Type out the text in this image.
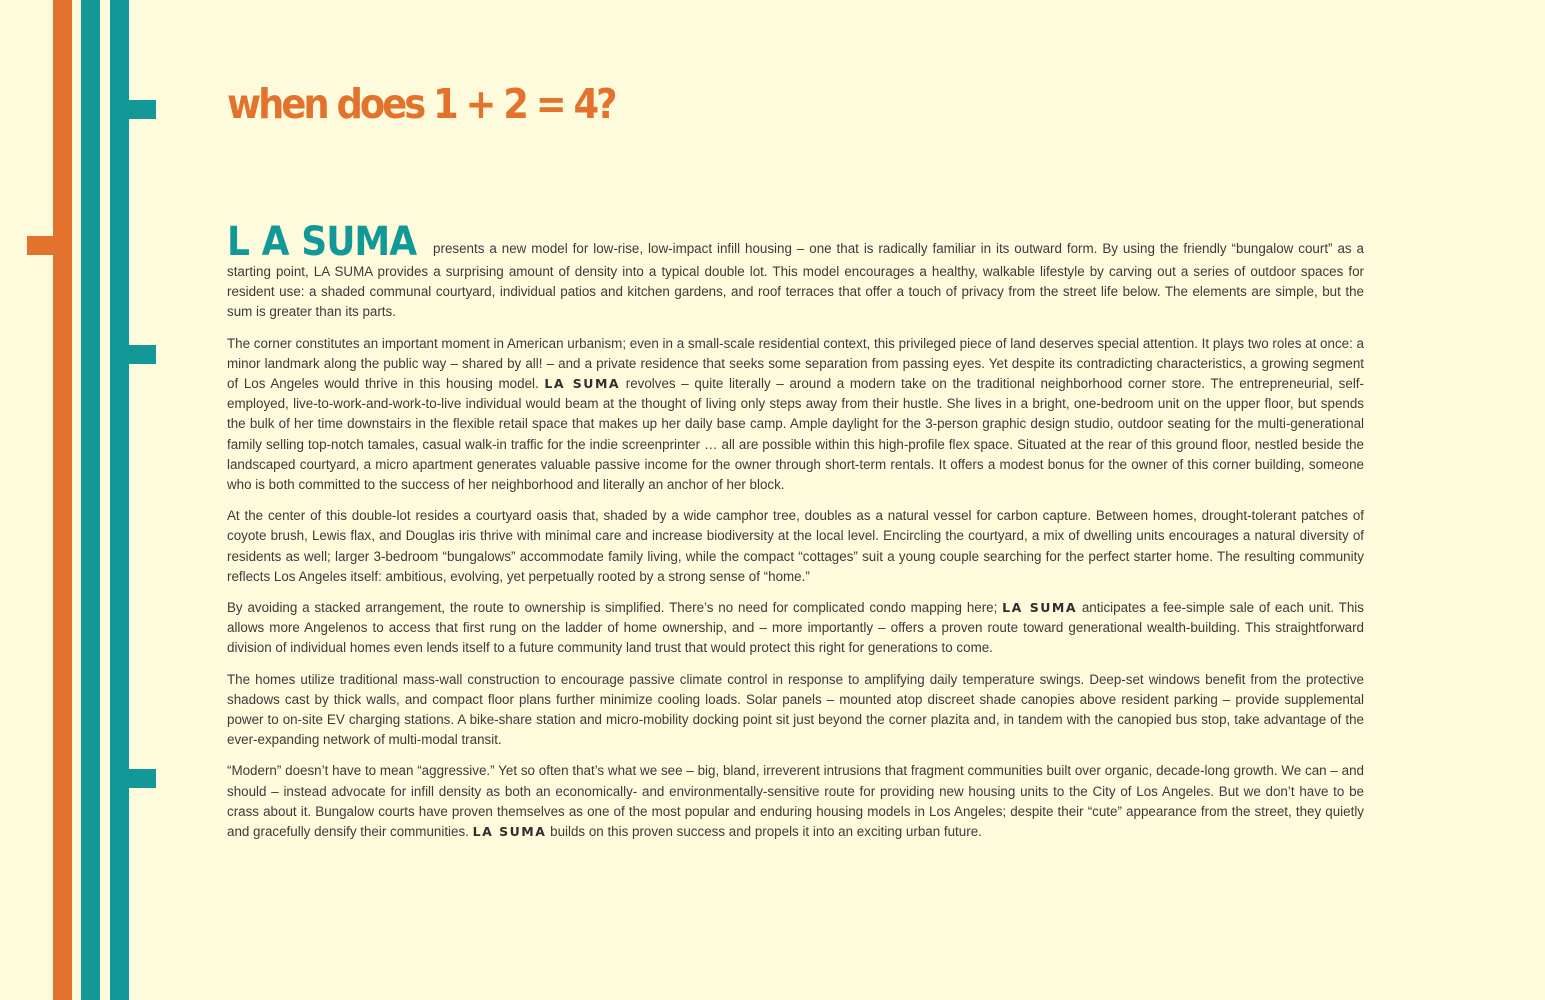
when does 1 + 2 = 4?

L A SUMA presents a new model for low-rise, low-impact infill housing – one that is radically familiar in its outward form. By using the friendly “bungalow court” as a starting point, LA SUMA provides a surprising amount of density into a typical double lot. This model encourages a healthy, walkable lifestyle by carving out a series of outdoor spaces for resident use: a shaded communal courtyard, individual patios and kitchen gardens, and roof terraces that offer a touch of privacy from the street life below. The elements are simple, but the sum is greater than its parts.

The corner constitutes an important moment in American urbanism; even in a small-scale residential context, this privileged piece of land deserves special attention. It plays two roles at once: a minor landmark along the public way – shared by all! – and a private residence that seeks some separation from passing eyes. Yet despite its contradicting characteristics, a growing segment of Los Angeles would thrive in this housing model. LA SUMA revolves – quite literally – around a modern take on the traditional neighborhood corner store. The entrepreneurial, self-employed, live-to-work-and-work-to-live individual would beam at the thought of living only steps away from their hustle. She lives in a bright, one-bedroom unit on the upper floor, but spends the bulk of her time downstairs in the flexible retail space that makes up her daily base camp. Ample daylight for the 3-person graphic design studio, outdoor seating for the multi-generational family selling top-notch tamales, casual walk-in traffic for the indie screenprinter … all are possible within this high-profile flex space. Situated at the rear of this ground floor, nestled beside the landscaped courtyard, a micro apartment generates valuable passive income for the owner through short-term rentals. It offers a modest bonus for the owner of this corner building, someone who is both committed to the success of her neighborhood and literally an anchor of her block.

At the center of this double-lot resides a courtyard oasis that, shaded by a wide camphor tree, doubles as a natural vessel for carbon capture. Between homes, drought-tolerant patches of coyote brush, Lewis flax, and Douglas iris thrive with minimal care and increase biodiversity at the local level. Encircling the courtyard, a mix of dwelling units encourages a natural diversity of residents as well; larger 3-bedroom “bungalows” accommodate family living, while the compact “cottages” suit a young couple searching for the perfect starter home. The resulting community reflects Los Angeles itself: ambitious, evolving, yet perpetually rooted by a strong sense of “home.”

By avoiding a stacked arrangement, the route to ownership is simplified. There’s no need for complicated condo mapping here; LA SUMA anticipates a fee-simple sale of each unit. This allows more Angelenos to access that first rung on the ladder of home ownership, and – more importantly – offers a proven route toward generational wealth-building. This straightforward division of individual homes even lends itself to a future community land trust that would protect this right for generations to come.

The homes utilize traditional mass-wall construction to encourage passive climate control in response to amplifying daily temperature swings. Deep-set windows benefit from the protective shadows cast by thick walls, and compact floor plans further minimize cooling loads. Solar panels – mounted atop discreet shade canopies above resident parking – provide supplemental power to on-site EV charging stations. A bike-share station and micro-mobility docking point sit just beyond the corner plazita and, in tandem with the canopied bus stop, take advantage of the ever-expanding network of multi-modal transit.

“Modern” doesn’t have to mean “aggressive.” Yet so often that’s what we see – big, bland, irreverent intrusions that fragment communities built over organic, decade-long growth. We can – and should – instead advocate for infill density as both an economically- and environmentally-sensitive route for providing new housing units to the City of Los Angeles. But we don’t have to be crass about it. Bungalow courts have proven themselves as one of the most popular and enduring housing models in Los Angeles; despite their “cute” appearance from the street, they quietly and gracefully densify their communities. LA SUMA builds on this proven success and propels it into an exciting urban future.
